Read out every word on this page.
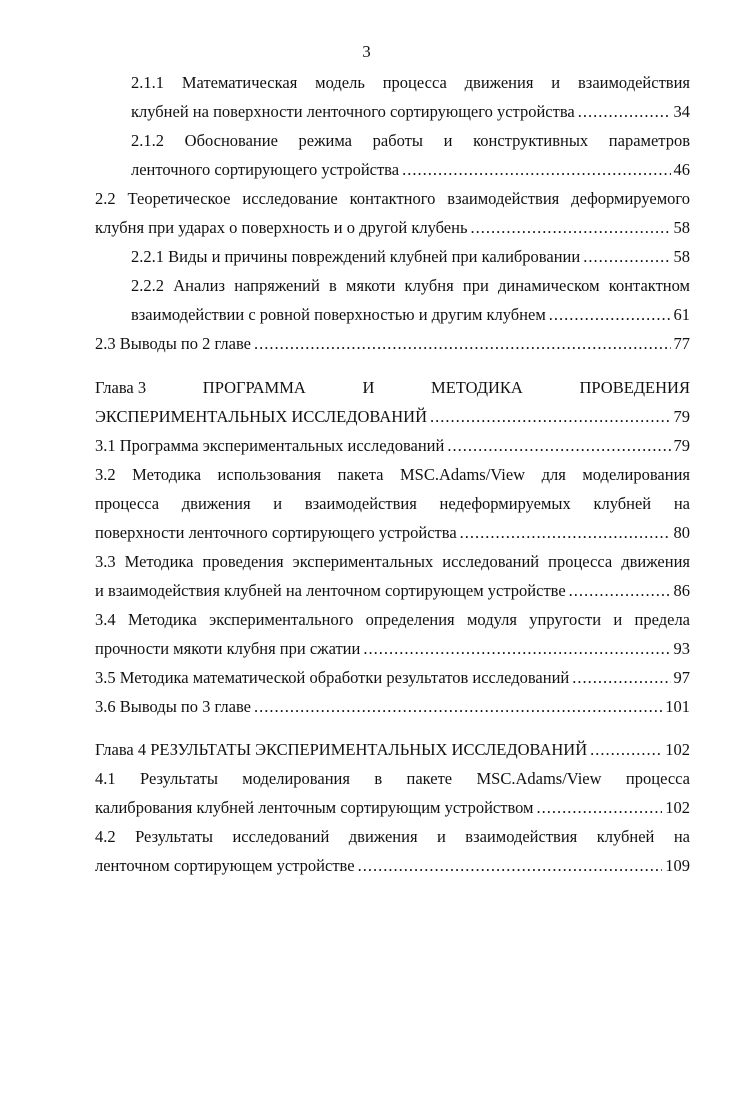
3
2.1.1 Математическая модель процесса движения и взаимодействия
клубней на поверхности ленточного сортирующего устройства .....	34
2.1.2 Обоснование режима работы и конструктивных параметров
ленточного сортирующего устройства .....	46
2.2 Теоретическое исследование контактного взаимодействия деформируемого
клубня при ударах о поверхность и о другой клубень .....	58
2.2.1 Виды и причины повреждений клубней при калибровании .....	58
2.2.2 Анализ напряжений в мякоти клубня при динамическом контактном
взаимодействии с ровной поверхностью и другим клубнем .....	61
2.3 Выводы по 2 главе .....	77
Глава 3	ПРОГРАММА	И	МЕТОДИКА	ПРОВЕДЕНИЯ
ЭКСПЕРИМЕНТАЛЬНЫХ ИССЛЕДОВАНИЙ .....	79
3.1 Программа экспериментальных исследований .....	79
3.2 Методика использования пакета MSC.Adams/View для моделирования
процесса движения и взаимодействия недеформируемых клубней на
поверхности ленточного сортирующего устройства .....	80
3.3 Методика проведения экспериментальных исследований процесса движения
и взаимодействия клубней на ленточном сортирующем устройстве .....	86
3.4 Методика экспериментального определения модуля упругости и предела
прочности мякоти клубня при сжатии .....	93
3.5 Методика математической обработки результатов исследований .....	97
3.6 Выводы по 3 главе .....	101
Глава 4 РЕЗУЛЬТАТЫ ЭКСПЕРИМЕНТАЛЬНЫХ ИССЛЕДОВАНИЙ .....	102
4.1 Результаты моделирования в пакете MSC.Adams/View процесса
калибрования клубней ленточным сортирующим устройством .....	102
4.2 Результаты исследований движения и взаимодействия клубней на
ленточном сортирующем устройстве .....	109
